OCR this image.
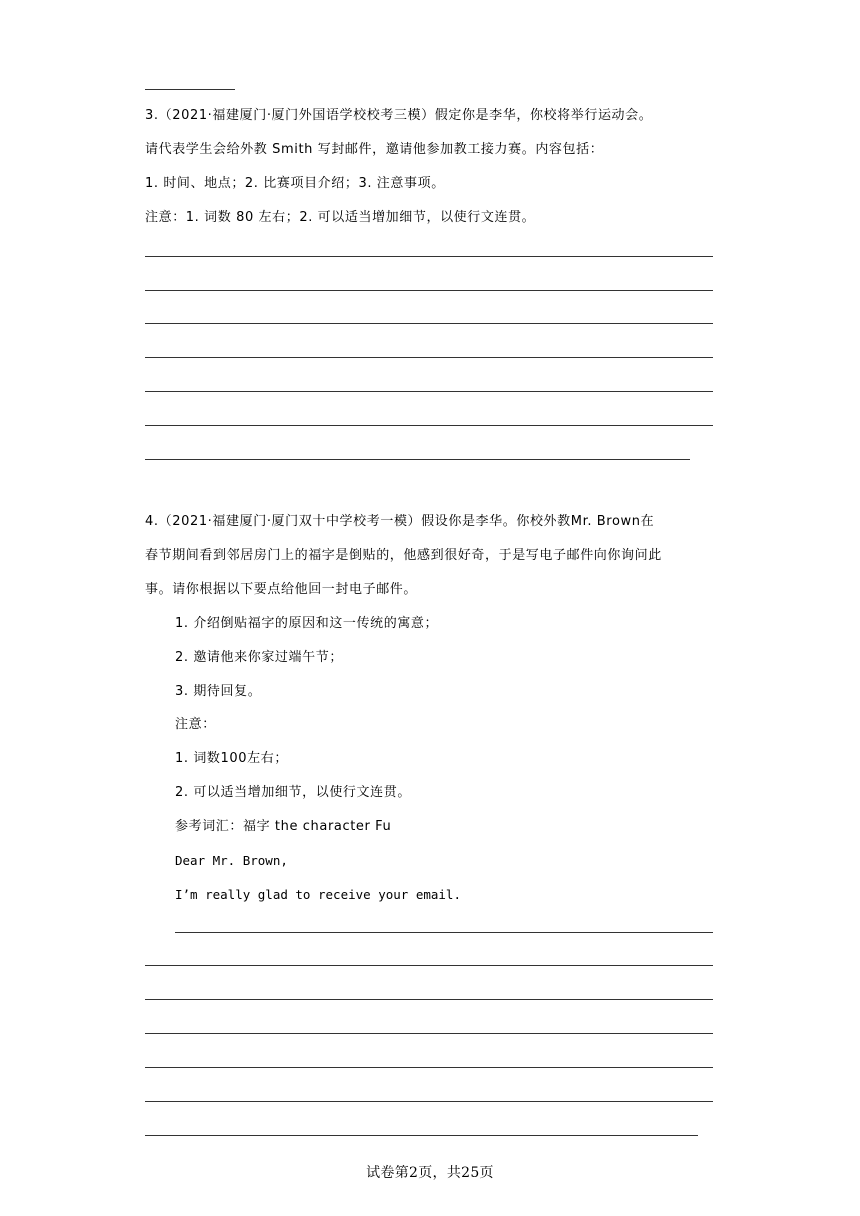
3.（2021·福建厦门·厦门外国语学校校考三模）假定你是李华，你校将举行运动会。
请代表学生会给外教 Smith 写封邮件，邀请他参加教工接力赛。内容包括：
1. 时间、地点；2. 比赛项目介绍；3. 注意事项。
注意：1. 词数 80 左右；2. 可以适当增加细节，以使行文连贯。
4.（2021·福建厦门·厦门双十中学校考一模）假设你是李华。你校外教Mr. Brown在
春节期间看到邻居房门上的福字是倒贴的，他感到很好奇，于是写电子邮件向你询问此
事。请你根据以下要点给他回一封电子邮件。
1. 介绍倒贴福字的原因和这一传统的寓意；
2. 邀请他来你家过端午节；
3. 期待回复。
注意：
1. 词数100左右；
2. 可以适当增加细节，以使行文连贯。
参考词汇：福字 the character Fu
Dear Mr. Brown,
I’m really glad to receive your email.
试卷第2页，共25页
